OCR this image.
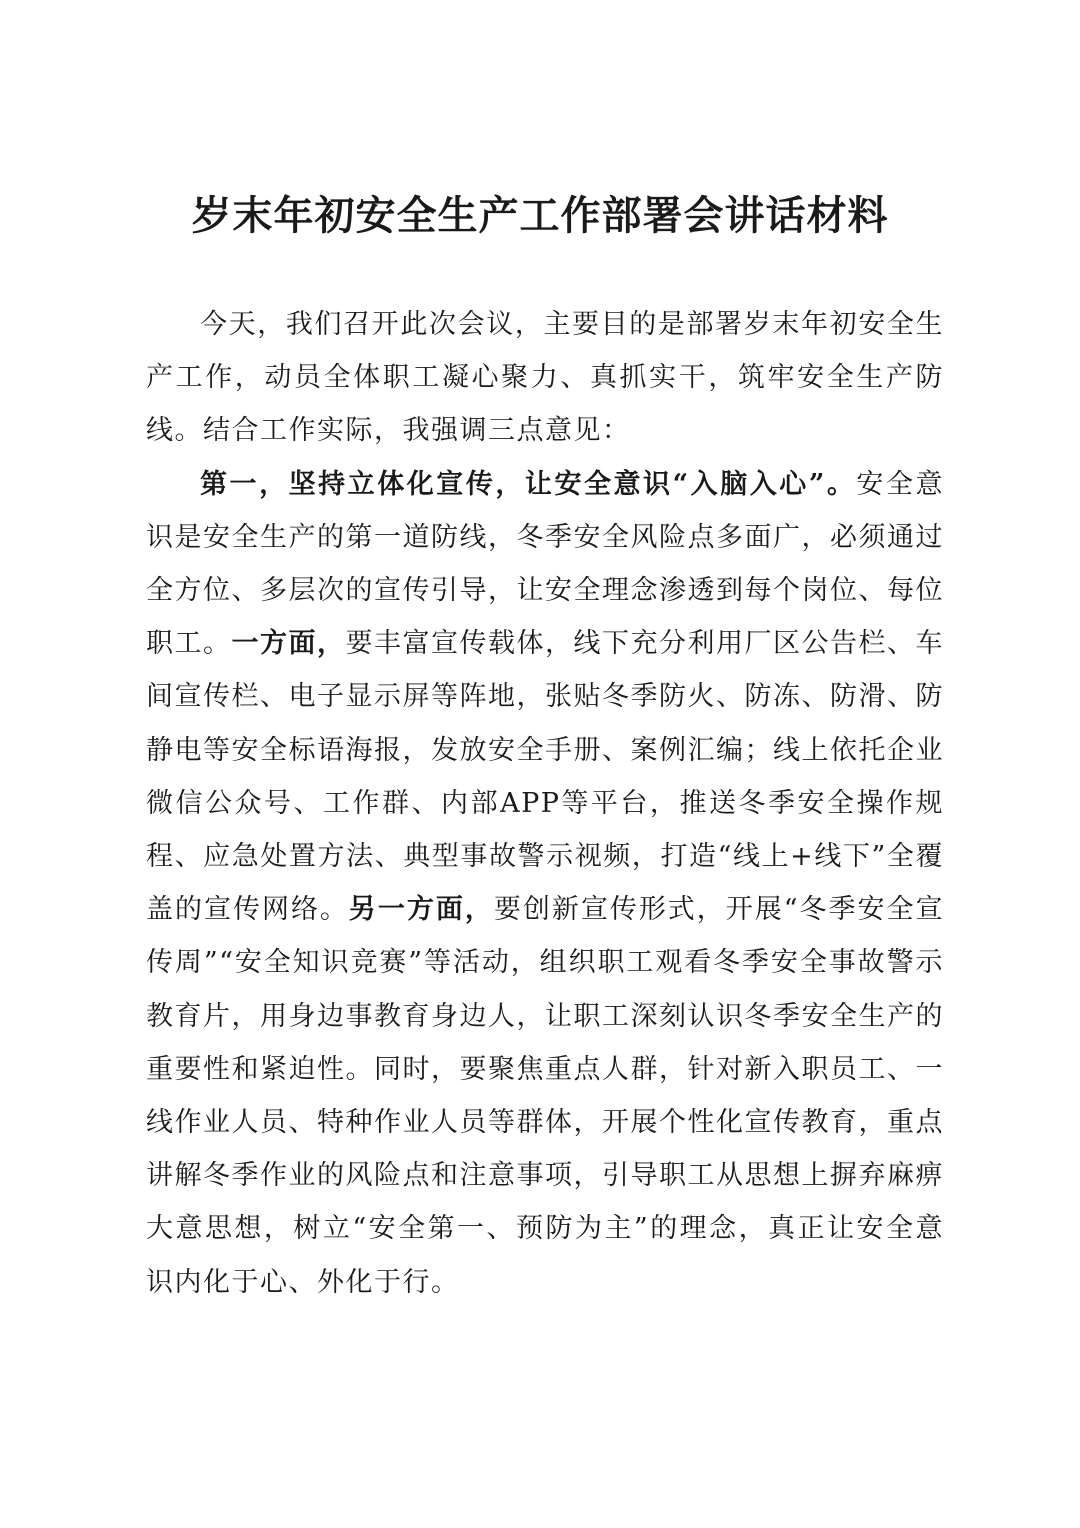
岁末年初安全生产工作部署会讲话材料

今天，我们召开此次会议，主要目的是部署岁末年初安全生产工作，动员全体职工凝心聚力、真抓实干，筑牢安全生产防线。结合工作实际，我强调三点意见：

第一，坚持立体化宣传，让安全意识“入脑入心”。安全意识是安全生产的第一道防线，冬季安全风险点多面广，必须通过全方位、多层次的宣传引导，让安全理念渗透到每个岗位、每位职工。一方面，要丰富宣传载体，线下充分利用厂区公告栏、车间宣传栏、电子显示屏等阵地，张贴冬季防火、防冻、防滑、防静电等安全标语海报，发放安全手册、案例汇编；线上依托企业微信公众号、工作群、内部APP等平台，推送冬季安全操作规程、应急处置方法、典型事故警示视频，打造“线上+线下”全覆盖的宣传网络。另一方面，要创新宣传形式，开展“冬季安全宣传周”“安全知识竞赛”等活动，组织职工观看冬季安全事故警示教育片，用身边事教育身边人，让职工深刻认识冬季安全生产的重要性和紧迫性。同时，要聚焦重点人群，针对新入职员工、一线作业人员、特种作业人员等群体，开展个性化宣传教育，重点讲解冬季作业的风险点和注意事项，引导职工从思想上摒弃麻痹大意思想，树立“安全第一、预防为主”的理念，真正让安全意识内化于心、外化于行。
